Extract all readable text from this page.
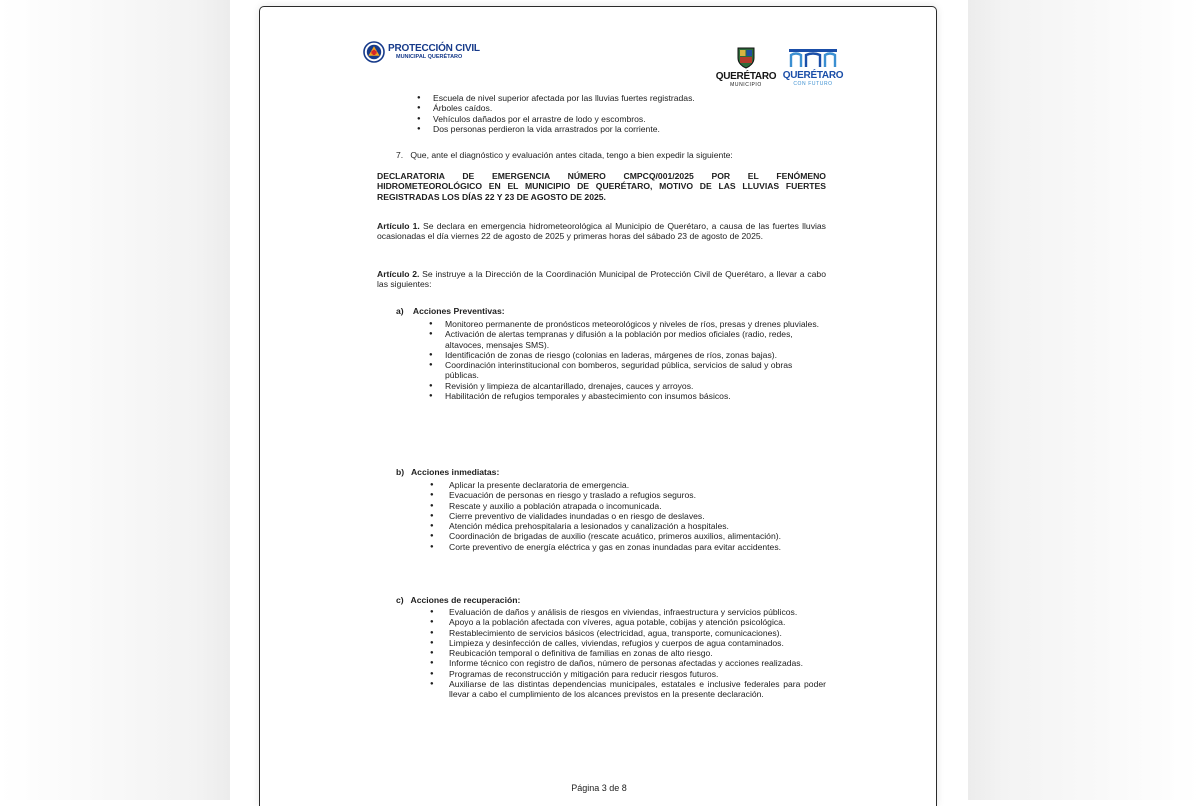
PROTECCIÓN CIVIL
MUNICIPAL QUERÉTARO
QUERÉTARO
MUNICIPIO
QUERÉTARO
CON FUTURO
● Escuela de nivel superior afectada por las lluvias fuertes registradas.
● Árboles caídos.
● Vehículos dañados por el arrastre de lodo y escombros.
● Dos personas perdieron la vida arrastrados por la corriente.
7.   Que, ante el diagnóstico y evaluación antes citada, tengo a bien expedir la siguiente:
DECLARATORIA DE EMERGENCIA NÚMERO CMPCQ/001/2025 POR EL FENÓMENO HIDROMETEOROLÓGICO EN EL MUNICIPIO DE QUERÉTARO, MOTIVO DE LAS LLUVIAS FUERTES REGISTRADAS LOS DÍAS 22 Y 23 DE AGOSTO DE 2025.
Artículo 1. Se declara en emergencia hidrometeorológica al Municipio de Querétaro, a causa de las fuertes lluvias ocasionadas el día viernes 22 de agosto de 2025 y primeras horas del sábado 23 de agosto de 2025.
Artículo 2. Se instruye a la Dirección de la Coordinación Municipal de Protección Civil de Querétaro, a llevar a cabo las siguientes:
a)    Acciones Preventivas:
● Monitoreo permanente de pronósticos meteorológicos y niveles de ríos, presas y drenes pluviales.
● Activación de alertas tempranas y difusión a la población por medios oficiales (radio, redes, altavoces, mensajes SMS).
● Identificación de zonas de riesgo (colonias en laderas, márgenes de ríos, zonas bajas).
● Coordinación interinstitucional con bomberos, seguridad pública, servicios de salud y obras públicas.
● Revisión y limpieza de alcantarillado, drenajes, cauces y arroyos.
● Habilitación de refugios temporales y abastecimiento con insumos básicos.
b)   Acciones inmediatas:
● Aplicar la presente declaratoria de emergencia.
● Evacuación de personas en riesgo y traslado a refugios seguros.
● Rescate y auxilio a población atrapada o incomunicada.
● Cierre preventivo de vialidades inundadas o en riesgo de deslaves.
● Atención médica prehospitalaria a lesionados y canalización a hospitales.
● Coordinación de brigadas de auxilio (rescate acuático, primeros auxilios, alimentación).
● Corte preventivo de energía eléctrica y gas en zonas inundadas para evitar accidentes.
c)   Acciones de recuperación:
● Evaluación de daños y análisis de riesgos en viviendas, infraestructura y servicios públicos.
● Apoyo a la población afectada con víveres, agua potable, cobijas y atención psicológica.
● Restablecimiento de servicios básicos (electricidad, agua, transporte, comunicaciones).
● Limpieza y desinfección de calles, viviendas, refugios y cuerpos de agua contaminados.
● Reubicación temporal o definitiva de familias en zonas de alto riesgo.
● Informe técnico con registro de daños, número de personas afectadas y acciones realizadas.
● Programas de reconstrucción y mitigación para reducir riesgos futuros.
● Auxiliarse de las distintas dependencias municipales, estatales e inclusive federales para poder llevar a cabo el cumplimiento de los alcances previstos en la presente declaración.
Página 3 de 8
